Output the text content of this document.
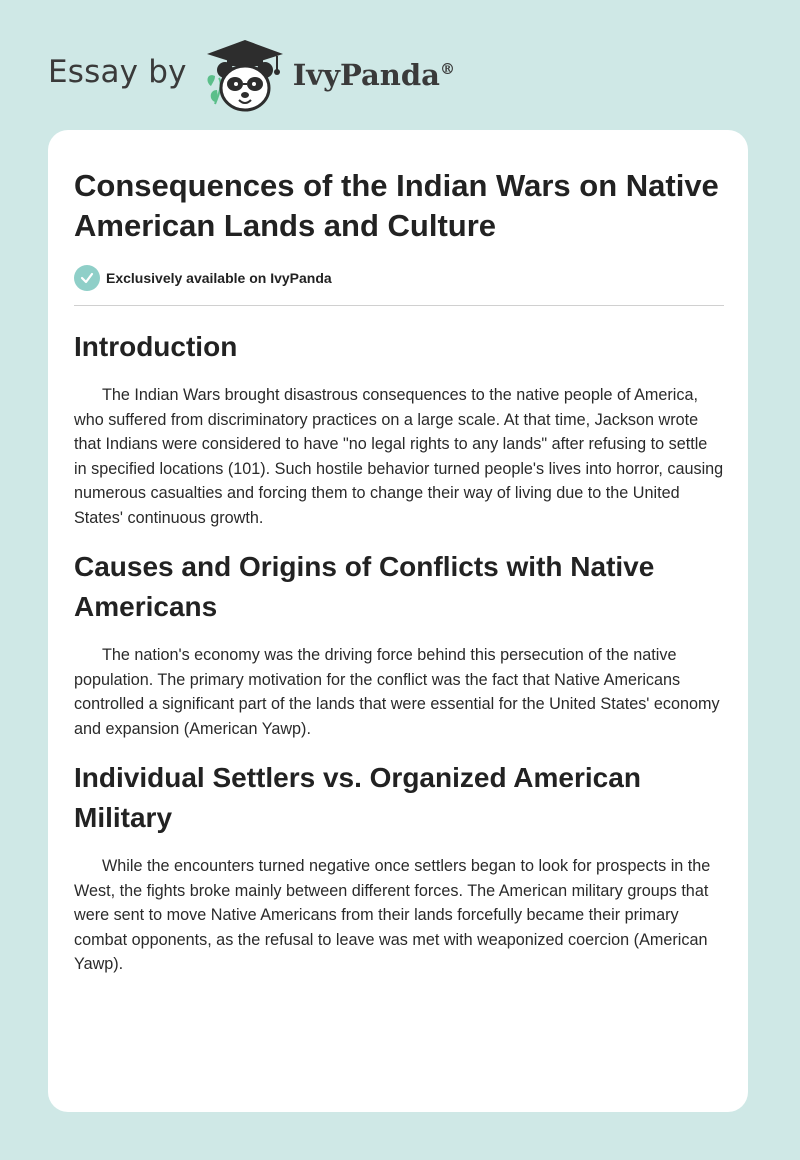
Essay by	IvyPanda®
Consequences of the Indian Wars on Native American Lands and Culture
Exclusively available on IvyPanda
Introduction

The Indian Wars brought disastrous consequences to the native people of America, who suffered from discriminatory practices on a large scale. At that time, Jackson wrote that Indians were considered to have "no legal rights to any lands" after refusing to settle in specified locations (101). Such hostile behavior turned people's lives into horror, causing numerous casualties and forcing them to change their way of living due to the United States' continuous growth.

Causes and Origins of Conflicts with Native Americans

The nation's economy was the driving force behind this persecution of the native population. The primary motivation for the conflict was the fact that Native Americans controlled a significant part of the lands that were essential for the United States' economy and expansion (American Yawp).

Individual Settlers vs. Organized American Military

While the encounters turned negative once settlers began to look for prospects in the West, the fights broke mainly between different forces. The American military groups that were sent to move Native Americans from their lands forcefully became their primary combat opponents, as the refusal to leave was met with weaponized coercion (American Yawp).
